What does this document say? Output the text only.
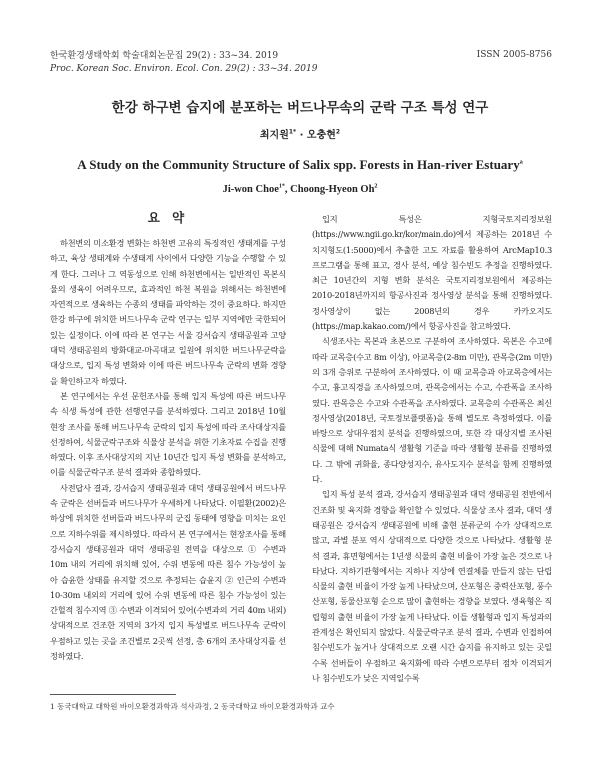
한국환경생태학회 학술대회논문집 29(2) : 33~34. 2019
Proc. Korean Soc. Environ. Ecol. Con. 29(2) : 33~34. 2019
ISSN 2005-8756
한강 하구변 습지에 분포하는 버드나무속의 군락 구조 특성 연구
최지원$^{1*}$ · 오충현$^2$
A Study on the Community Structure of Salix spp. Forests in Han-river Estuary$^a$
Ji-won Choe$^{1*}$, Choong-Hyeon Oh$^2$
요 약

하천변의 미소환경 변화는 하천변 고유의 특징적인 생태계를 구성하고, 육상 생태계와 수생태계 사이에서 다양한 기능을 수행할 수 있게 한다. 그러나 그 역동성으로 인해 하천변에서는 일반적인 목본식물의 생육이 어려우므로, 효과적인 하천 복원을 위해서는 하천변에 자연적으로 생육하는 수종의 생태를 파악하는 것이 중요하다. 하지만 한강 하구에 위치한 버드나무속 군락 연구는 일부 지역에만 국한되어 있는 실정이다. 이에 따라 본 연구는 서울 강서습지 생태공원과 고양 대덕 생태공원의 방화대교-마곡대교 일원에 위치한 버드나무군락을 대상으로, 입지 특성 변화와 이에 따른 버드나무속 군락의 변화 경향을 확인하고자 하였다.

본 연구에서는 우선 문헌조사를 통해 입지 특성에 따른 버드나무속 식생 특성에 관한 선행연구를 분석하였다. 그리고 2018년 10월 현장 조사를 통해 버드나무속 군락의 입지 특성에 따라 조사대상지를 선정하여, 식물군락구조와 식물상 분석을 위한 기초자료 수집을 진행하였다. 이후 조사대상지의 지난 10년간 입지 특성 변화를 분석하고, 이를 식물군락구조 분석 결과와 종합하였다.

사전답사 결과, 강서습지 생태공원과 대덕 생태공원에서 버드나무속 군락은 선버들과 버드나무가 우세하게 나타났다. 이필환(2002)은 하상에 위치한 선버들과 버드나무의 군집 동태에 영향을 미치는 요인으로 지하수위를 제시하였다. 따라서 본 연구에서는 현장조사를 통해 강서습지 생태공원과 대덕 생태공원 전역을 대상으로 ① 수변과 10m 내의 거리에 위치해 있어, 수위 변동에 따른 침수 가능성이 높아 습윤한 상태를 유지할 것으로 추정되는 습윤지 ② 인근의 수변과 10-30m 내외의 거리에 있어 수위 변동에 따른 침수 가능성이 있는 간헐적 침수지역 ③ 수변과 이격되어 있어(수변과의 거리 40m 내외) 상대적으로 건조한 지역의 3가지 입지 특성별로 버드나무속 군락이 우점하고 있는 곳을 조건별로 2곳씩 선정, 총 6개의 조사대상지를 선정하였다.

입지 특성은 지형국토지리정보원(https://www.ngii.go.kr/kor/main.do)에서 제공하는 2018년 수치지형도(1:5000)에서 추출한 고도 자료를 활용하여 ArcMap10.3 프로그램을 통해 표고, 경사 분석, 예상 침수빈도 추정을 진행하였다. 최근 10년간의 지형 변화 분석은 국토지리정보원에서 제공하는 2010-2018년까지의 항공사진과 정사영상 분석을 통해 진행하였다. 정사영상이 없는 2008년의 경우 카카오지도(https://map.kakao.com/)에서 항공사진을 참고하였다.

식생조사는 목본과 초본으로 구분하여 조사하였다. 목본은 수고에 따라 교목층(수고 8m 이상), 아교목층(2-8m 미만), 관목층(2m 미만)의 3개 층위로 구분하여 조사하였다. 이 때 교목층과 아교목층에서는 수고, 흉고직경을 조사하였으며, 관목층에서는 수고, 수관폭을 조사하였다. 관목층은 수고와 수관폭을 조사하였다. 교목층의 수관폭은 최신 정사영상(2018년, 국토정보플랫폼)을 통해 별도로 측정하였다. 이를 바탕으로 상대우점치 분석을 진행하였으며, 또한 각 대상지별 조사된 식물에 대해 Numata식 생활형 기준을 따라 생활형 분류를 진행하였다. 그 밖에 귀화율, 종다양성지수, 유사도지수 분석을 함께 진행하였다.

입지 특성 분석 결과, 강서습지 생태공원과 대덕 생태공원 전반에서 건조화 및 육지화 경향을 확인할 수 있었다. 식물상 조사 결과, 대덕 생태공원은 강서습지 생태공원에 비해 출현 분류군의 수가 상대적으로 많고, 과별 분포 역시 상대적으로 다양한 것으로 나타났다. 생활형 분석 결과, 휴면형에서는 1년생 식물의 출현 비율이 가장 높은 것으로 나타났다. 지하기관형에서는 지하나 지상에 연결체를 만들지 않는 단립식물의 출현 비율이 가장 높게 나타났으며, 산포형은 중력산포형, 풍수산포형, 동물산포형 순으로 많이 출현하는 경향을 보였다. 생육형은 직립형의 출현 비율이 가장 높게 나타났다. 이들 생활형과 입지 특성과의 관계성은 확인되지 않았다. 식물군락구조 분석 결과, 수변과 인접하여 침수빈도가 높거나 상대적으로 오랜 시간 습지를 유지하고 있는 곳일수록 선버들이 우점하고 육지화에 따라 수변으로부터 점차 이격되거나 침수빈도가 낮은 지역일수록

1 동국대학교 대학원 바이오환경과학과 석사과정, 2 동국대학교 바이오환경과학과 교수
